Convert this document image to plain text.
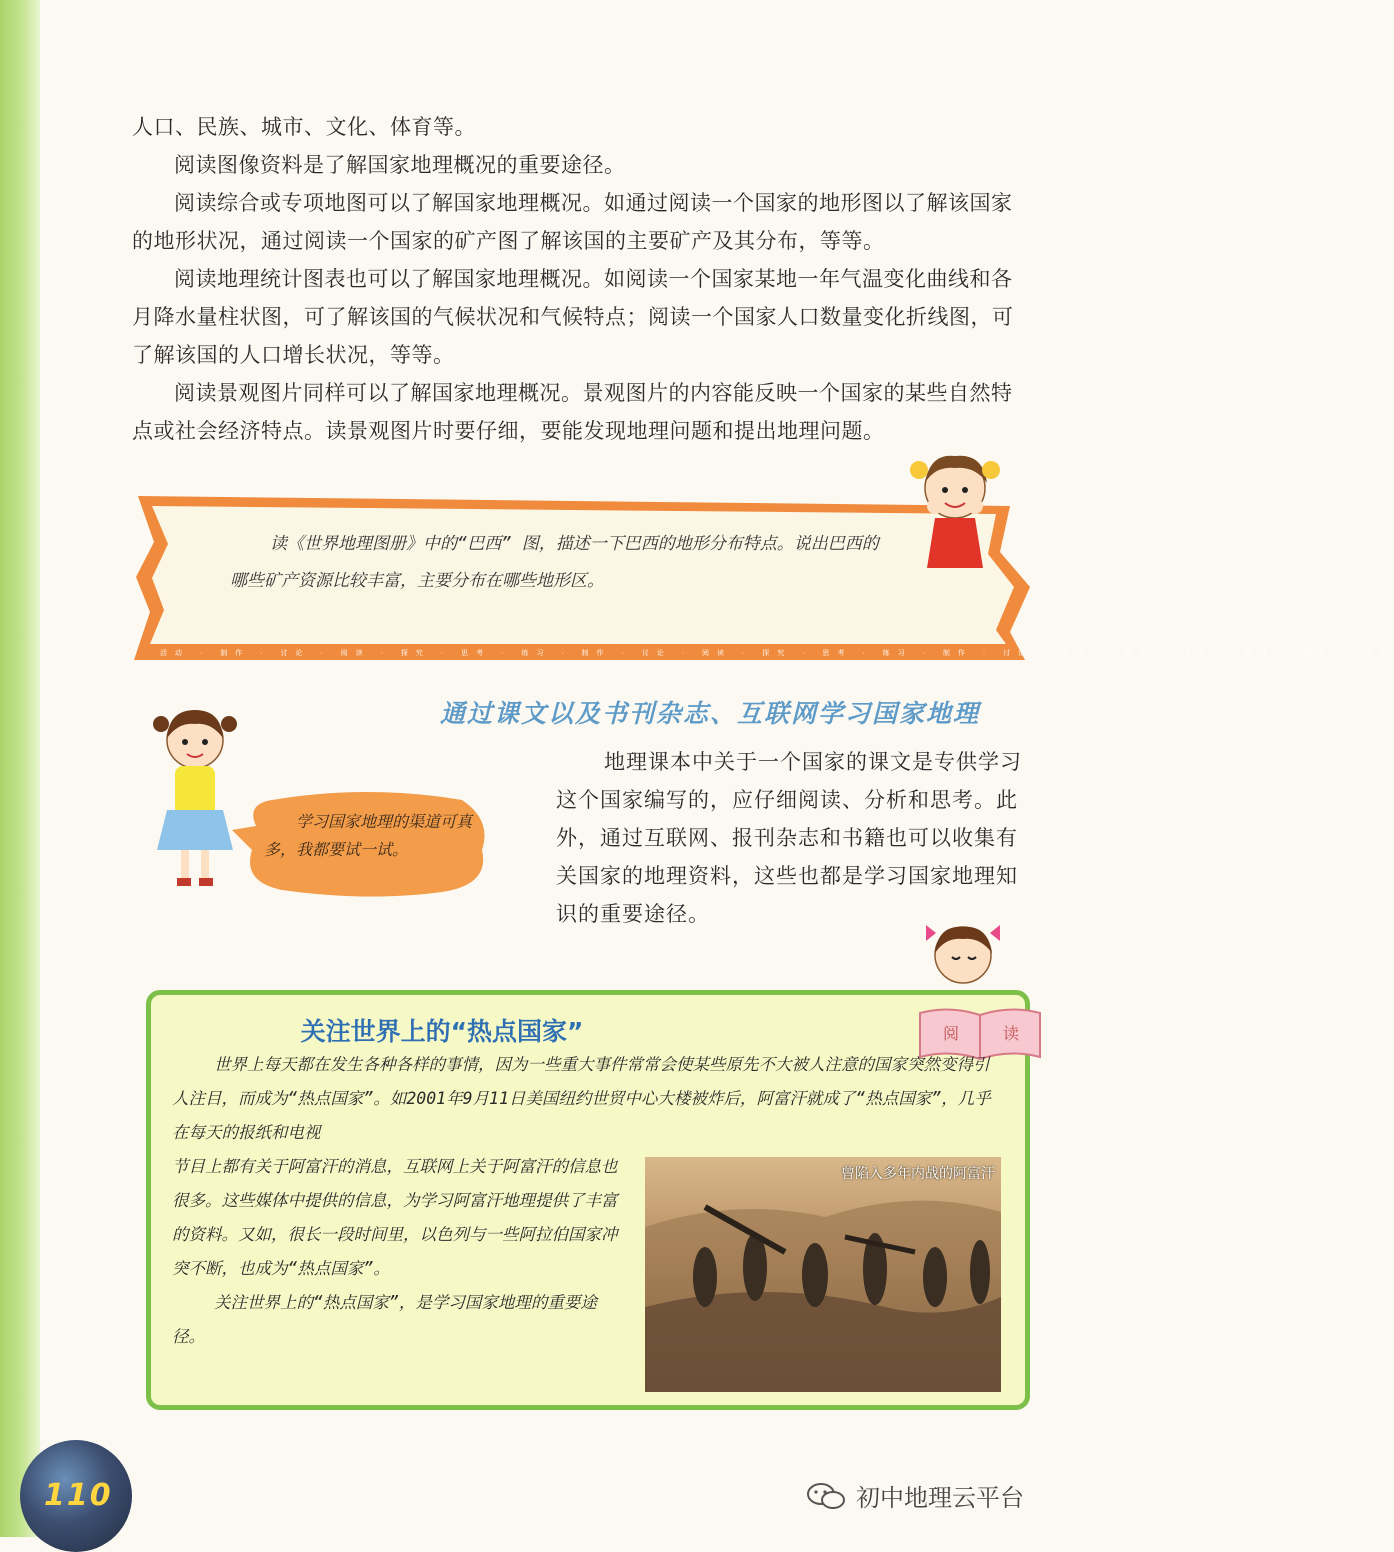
人口、民族、城市、文化、体育等。

阅读图像资料是了解国家地理概况的重要途径。

阅读综合或专项地图可以了解国家地理概况。如通过阅读一个国家的地形图以了解该国家的地形状况，通过阅读一个国家的矿产图了解该国的主要矿产及其分布，等等。

阅读地理统计图表也可以了解国家地理概况。如阅读一个国家某地一年气温变化曲线和各月降水量柱状图，可了解该国的气候状况和气候特点；阅读一个国家人口数量变化折线图，可了解该国的人口增长状况，等等。

阅读景观图片同样可以了解国家地理概况。景观图片的内容能反映一个国家的某些自然特点或社会经济特点。读景观图片时要仔细，要能发现地理问题和提出地理问题。

读《世界地理图册》中的“巴西” 图，描述一下巴西的地形分布特点。说出巴西的哪些矿产资源比较丰富，主要分布在哪些地形区。

活动 · 制作 · 讨论 · 阅读 · 探究 · 思考 · 练习 · 制作 · 讨论 · 阅读 · 探究 · 思考 · 练习 · 制作 · 讨论 · 阅读 · 探究 · 思考 · 练习 · 制作 · 讨论
通过课文以及书刊杂志、互联网学习国家地理

学习国家地理的渠道可真多，我都要试一试。

地理课本中关于一个国家的课文是专供学习这个国家编写的，应仔细阅读、分析和思考。此外，通过互联网、报刊杂志和书籍也可以收集有关国家的地理资料，这些也都是学习国家地理知识的重要途径。

关注世界上的“热点国家”	阅	读

世界上每天都在发生各种各样的事情，因为一些重大事件常常会使某些原先不大被人注意的国家突然变得引人注目，而成为“热点国家”。如2001年9月11日美国纽约世贸中心大楼被炸后，阿富汗就成了“热点国家”，几乎在每天的报纸和电视

节目上都有关于阿富汗的消息，互联网上关于阿富汗的信息也很多。这些媒体中提供的信息，为学习阿富汗地理提供了丰富的资料。又如，很长一段时间里，以色列与一些阿拉伯国家冲突不断，也成为“热点国家”。

关注世界上的“热点国家”，是学习国家地理的重要途径。

曾陷入多年内战的阿富汗
110	初中地理云平台
